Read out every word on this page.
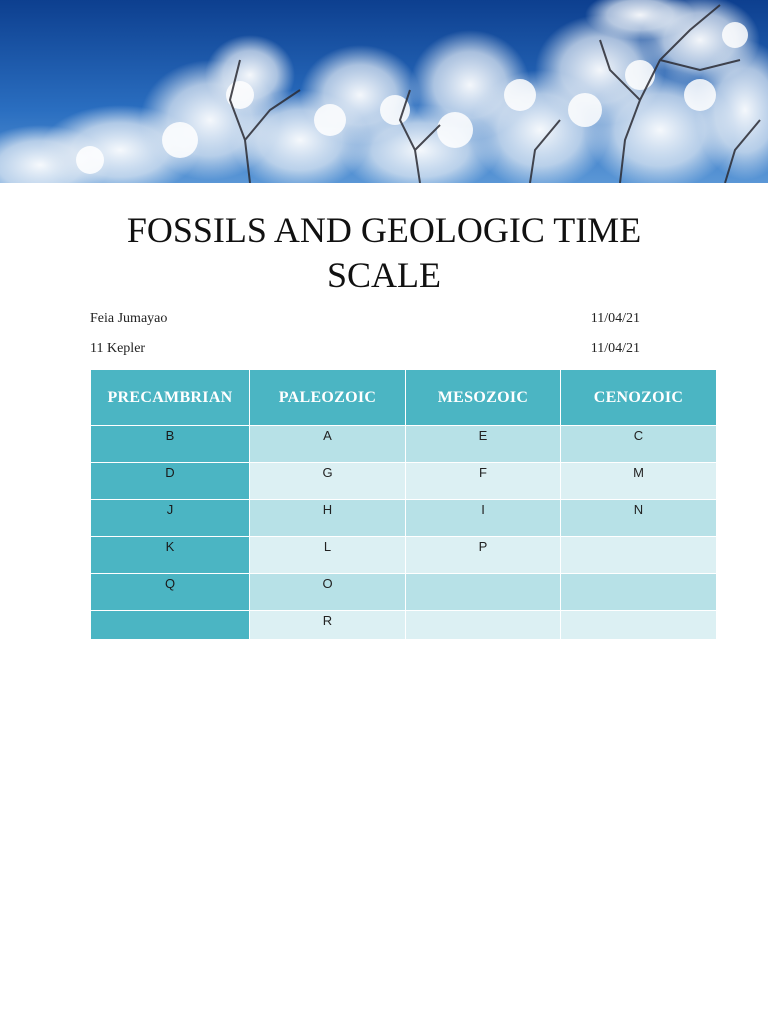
FOSSILS AND GEOLOGIC TIME SCALE
Feia Jumayao	11/04/21
11 Kepler	11/04/21
PRECAMBRIAN	PALEOZOIC	MESOZOIC	CENOZOIC
B	A	E	C
D	G	F	M
J	H	I	N
K	L	P	
Q	O		
	R		
